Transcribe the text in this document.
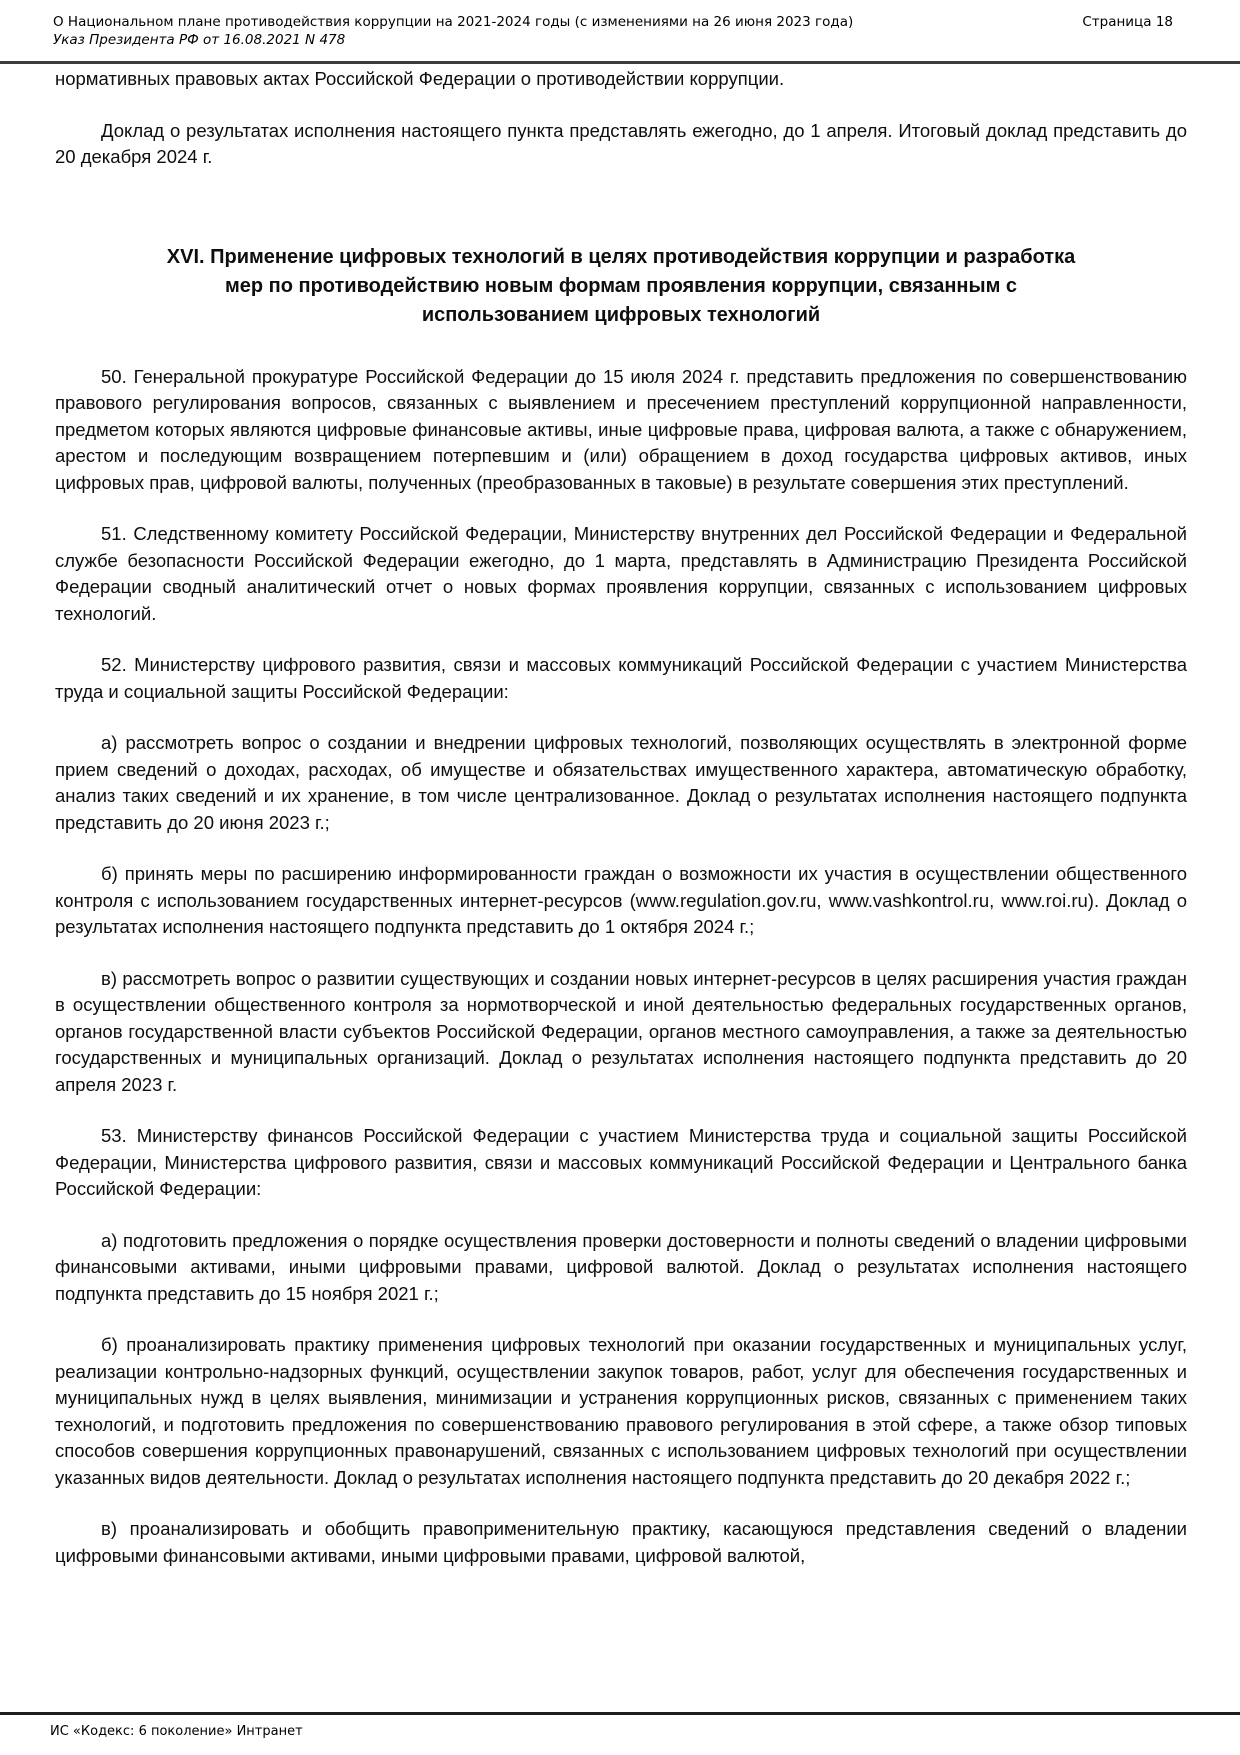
О Национальном плане противодействия коррупции на 2021-2024 годы (с изменениями на 26 июня 2023 года)	Страница 18
Указ Президента РФ от 16.08.2021 N 478

нормативных правовых актах Российской Федерации о противодействии коррупции.

Доклад о результатах исполнения настоящего пункта представлять ежегодно, до 1 апреля. Итоговый доклад представить до 20 декабря 2024 г.

XVI. Применение цифровых технологий в целях противодействия коррупции и разработка
мер по противодействию новым формам проявления коррупции, связанным с
использованием цифровых технологий

50. Генеральной прокуратуре Российской Федерации до 15 июля 2024 г. представить предложения по совершенствованию правового регулирования вопросов, связанных с выявлением и пресечением преступлений коррупционной направленности, предметом которых являются цифровые финансовые активы, иные цифровые права, цифровая валюта, а также с обнаружением, арестом и последующим возвращением потерпевшим и (или) обращением в доход государства цифровых активов, иных цифровых прав, цифровой валюты, полученных (преобразованных в таковые) в результате совершения этих преступлений.

51. Следственному комитету Российской Федерации, Министерству внутренних дел Российской Федерации и Федеральной службе безопасности Российской Федерации ежегодно, до 1 марта, представлять в Администрацию Президента Российской Федерации сводный аналитический отчет о новых формах проявления коррупции, связанных с использованием цифровых технологий.

52. Министерству цифрового развития, связи и массовых коммуникаций Российской Федерации с участием Министерства труда и социальной защиты Российской Федерации:

а) рассмотреть вопрос о создании и внедрении цифровых технологий, позволяющих осуществлять в электронной форме прием сведений о доходах, расходах, об имуществе и обязательствах имущественного характера, автоматическую обработку, анализ таких сведений и их хранение, в том числе централизованное. Доклад о результатах исполнения настоящего подпункта представить до 20 июня 2023 г.;

б) принять меры по расширению информированности граждан о возможности их участия в осуществлении общественного контроля с использованием государственных интернет-ресурсов (www.regulation.gov.ru, www.vashkontrol.ru, www.roi.ru). Доклад о результатах исполнения настоящего подпункта представить до 1 октября 2024 г.;

в) рассмотреть вопрос о развитии существующих и создании новых интернет-ресурсов в целях расширения участия граждан в осуществлении общественного контроля за нормотворческой и иной деятельностью федеральных государственных органов, органов государственной власти субъектов Российской Федерации, органов местного самоуправления, а также за деятельностью государственных и муниципальных организаций. Доклад о результатах исполнения настоящего подпункта представить до 20 апреля 2023 г.

53. Министерству финансов Российской Федерации с участием Министерства труда и социальной защиты Российской Федерации, Министерства цифрового развития, связи и массовых коммуникаций Российской Федерации и Центрального банка Российской Федерации:

а) подготовить предложения о порядке осуществления проверки достоверности и полноты сведений о владении цифровыми финансовыми активами, иными цифровыми правами, цифровой валютой. Доклад о результатах исполнения настоящего подпункта представить до 15 ноября 2021 г.;

б) проанализировать практику применения цифровых технологий при оказании государственных и муниципальных услуг, реализации контрольно-надзорных функций, осуществлении закупок товаров, работ, услуг для обеспечения государственных и муниципальных нужд в целях выявления, минимизации и устранения коррупционных рисков, связанных с применением таких технологий, и подготовить предложения по совершенствованию правового регулирования в этой сфере, а также обзор типовых способов совершения коррупционных правонарушений, связанных с использованием цифровых технологий при осуществлении указанных видов деятельности. Доклад о результатах исполнения настоящего подпункта представить до 20 декабря 2022 г.;

в) проанализировать и обобщить правоприменительную практику, касающуюся представления сведений о владении цифровыми финансовыми активами, иными цифровыми правами, цифровой валютой,

ИС «Кодекс: 6 поколение» Интранет
